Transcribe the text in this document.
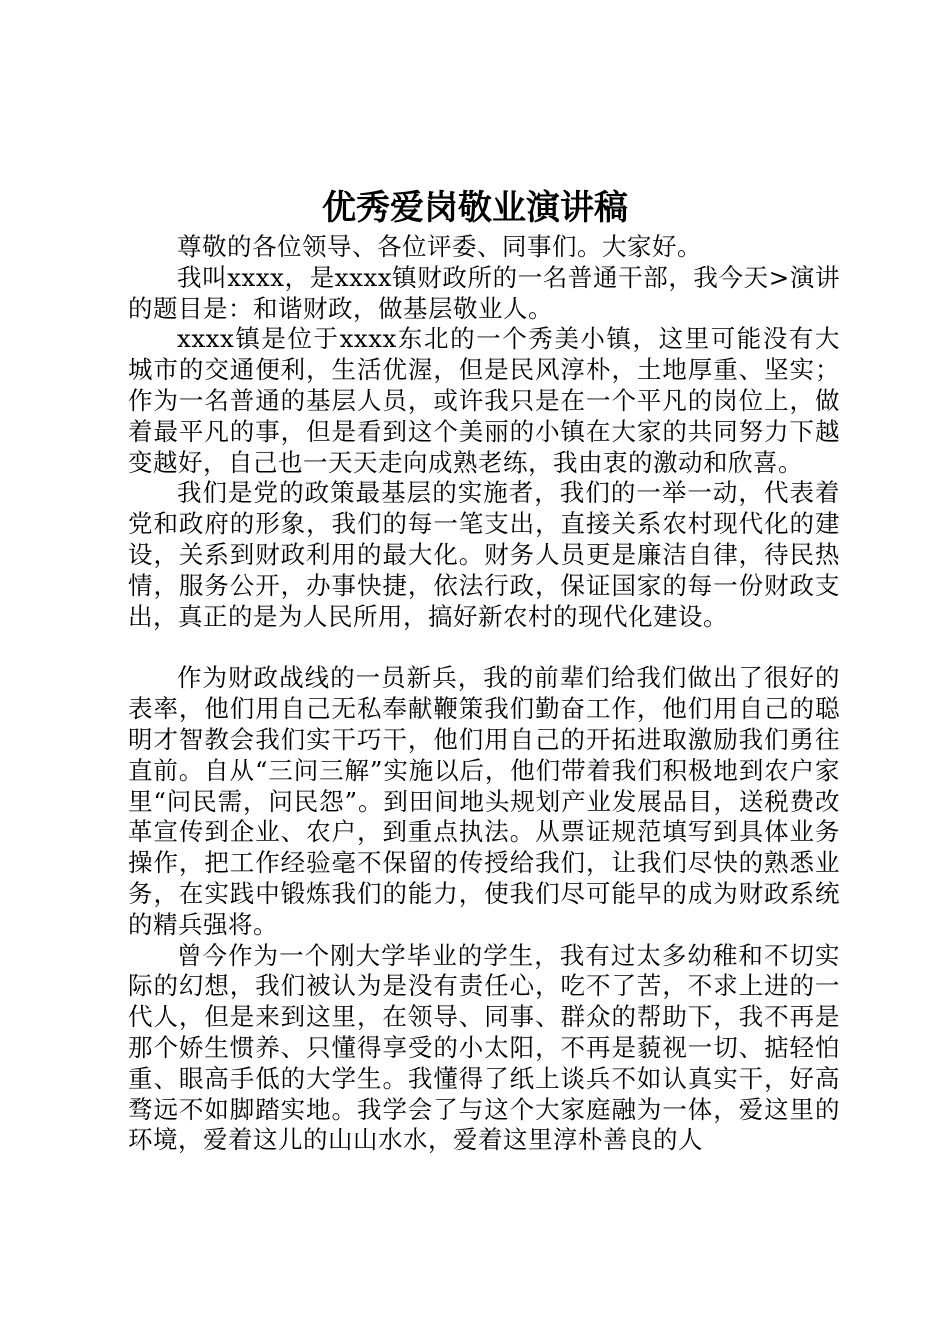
优秀爱岗敬业演讲稿

尊敬的各位领导、各位评委、同事们。大家好。

我叫xxxx，是xxxx镇财政所的一名普通干部，我今天>演讲的题目是：和谐财政，做基层敬业人。

xxxx镇是位于xxxx东北的一个秀美小镇，这里可能没有大城市的交通便利，生活优渥，但是民风淳朴，土地厚重、坚实；作为一名普通的基层人员，或许我只是在一个平凡的岗位上，做着最平凡的事，但是看到这个美丽的小镇在大家的共同努力下越变越好，自己也一天天走向成熟老练，我由衷的激动和欣喜。

我们是党的政策最基层的实施者，我们的一举一动，代表着党和政府的形象，我们的每一笔支出，直接关系农村现代化的建设，关系到财政利用的最大化。财务人员更是廉洁自律，待民热情，服务公开，办事快捷，依法行政，保证国家的每一份财政支出，真正的是为人民所用，搞好新农村的现代化建设。

作为财政战线的一员新兵，我的前辈们给我们做出了很好的表率，他们用自己无私奉献鞭策我们勤奋工作，他们用自己的聪明才智教会我们实干巧干，他们用自己的开拓进取激励我们勇往直前。自从“三问三解”实施以后，他们带着我们积极地到农户家里“问民需，问民怨”。到田间地头规划产业发展品目，送税费改革宣传到企业、农户，到重点执法。从票证规范填写到具体业务操作，把工作经验毫不保留的传授给我们，让我们尽快的熟悉业务，在实践中锻炼我们的能力，使我们尽可能早的成为财政系统的精兵强将。

曾今作为一个刚大学毕业的学生，我有过太多幼稚和不切实际的幻想，我们被认为是没有责任心，吃不了苦，不求上进的一代人，但是来到这里，在领导、同事、群众的帮助下，我不再是那个娇生惯养、只懂得享受的小太阳，不再是藐视一切、掂轻怕重、眼高手低的大学生。我懂得了纸上谈兵不如认真实干，好高骛远不如脚踏实地。我学会了与这个大家庭融为一体，爱这里的环境，爱着这儿的山山水水，爱着这里淳朴善良的人
